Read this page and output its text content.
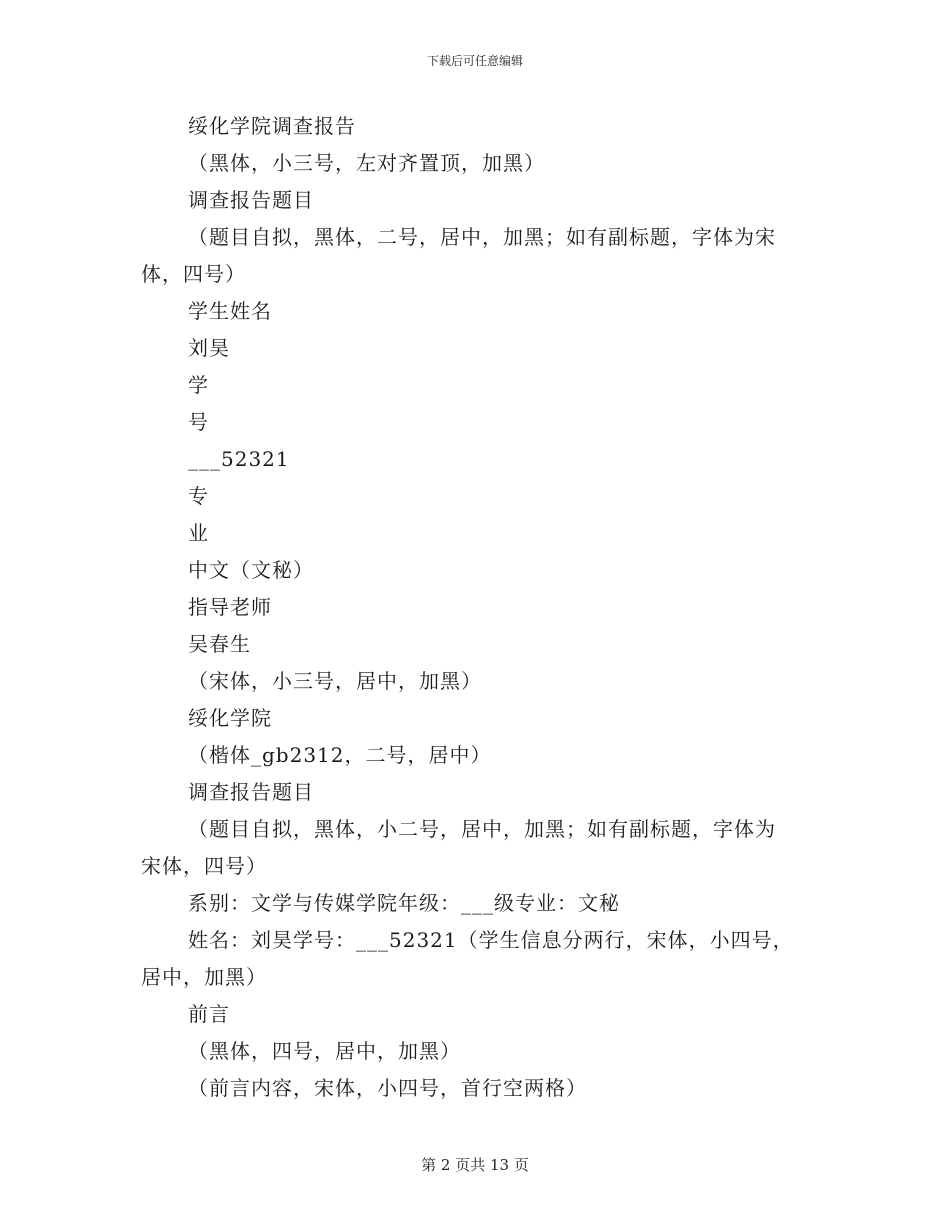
下载后可任意编辑
绥化学院调查报告
（黑体，小三号，左对齐置顶，加黑）
调查报告题目
（题目自拟，黑体，二号，居中，加黑；如有副标题，字体为宋
体，四号）
学生姓名
刘昊
学
号
___52321
专
业
中文（文秘）
指导老师
吴春生
（宋体，小三号，居中，加黑）
绥化学院
（楷体_gb2312，二号，居中）
调查报告题目
（题目自拟，黑体，小二号，居中，加黑；如有副标题，字体为
宋体，四号）
系别：文学与传媒学院年级：___级专业：文秘
姓名：刘昊学号：___52321（学生信息分两行，宋体，小四号，
居中，加黑）
前言
（黑体，四号，居中，加黑）
（前言内容，宋体，小四号，首行空两格）
第 2 页共 13 页
